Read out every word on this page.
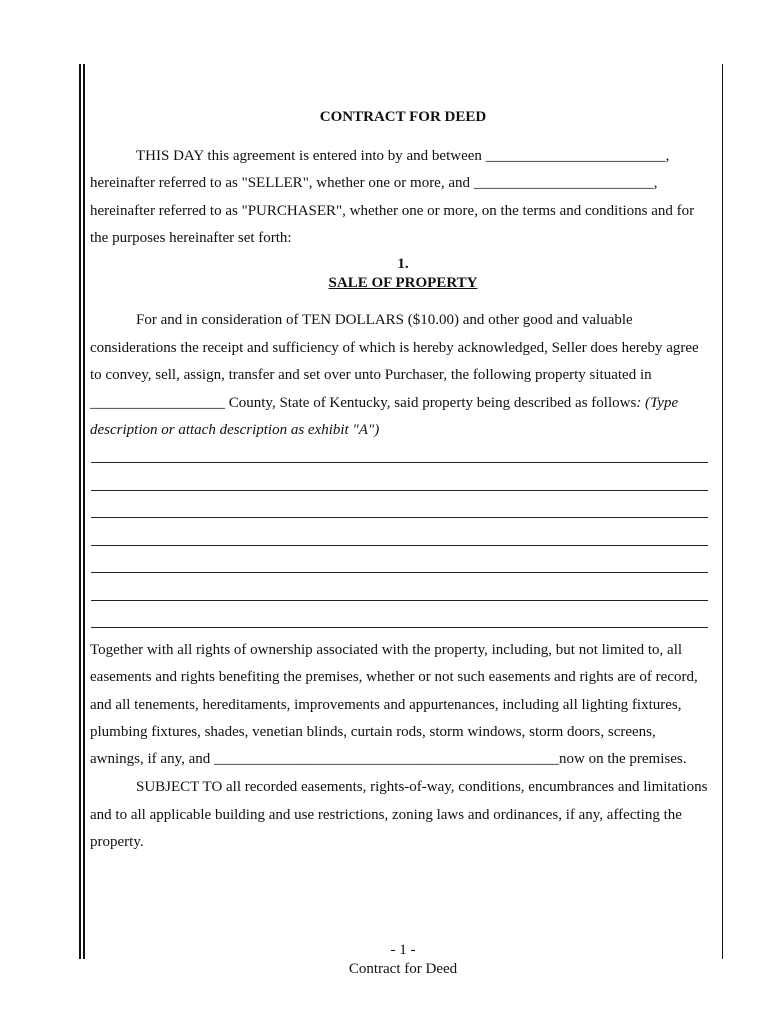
CONTRACT FOR DEED
THIS DAY this agreement is entered into by and between ________________________,
hereinafter referred to as "SELLER", whether one or more, and ________________________,
hereinafter referred to as "PURCHASER", whether one or more, on the terms and conditions and for
the purposes hereinafter set forth:
1.
SALE OF PROPERTY
For and in consideration of TEN DOLLARS ($10.00) and other good and valuable
considerations the receipt and sufficiency of which is hereby acknowledged, Seller does hereby agree
to convey, sell, assign, transfer and set over unto Purchaser, the following property situated in
__________________ County, State of Kentucky, said property being described as follows: (Type
description or attach description as exhibit "A")
Together with all rights of ownership associated with the property, including, but not limited to, all
easements and rights benefiting the premises, whether or not such easements and rights are of record,
and all tenements, hereditaments, improvements and appurtenances, including all lighting fixtures,
plumbing fixtures, shades, venetian blinds, curtain rods, storm windows, storm doors, screens,
awnings, if any, and ______________________________________________now on the premises.
SUBJECT TO all recorded easements, rights-of-way, conditions, encumbrances and limitations
and to all applicable building and use restrictions, zoning laws and ordinances, if any, affecting the
property.
- 1 -
Contract for Deed
